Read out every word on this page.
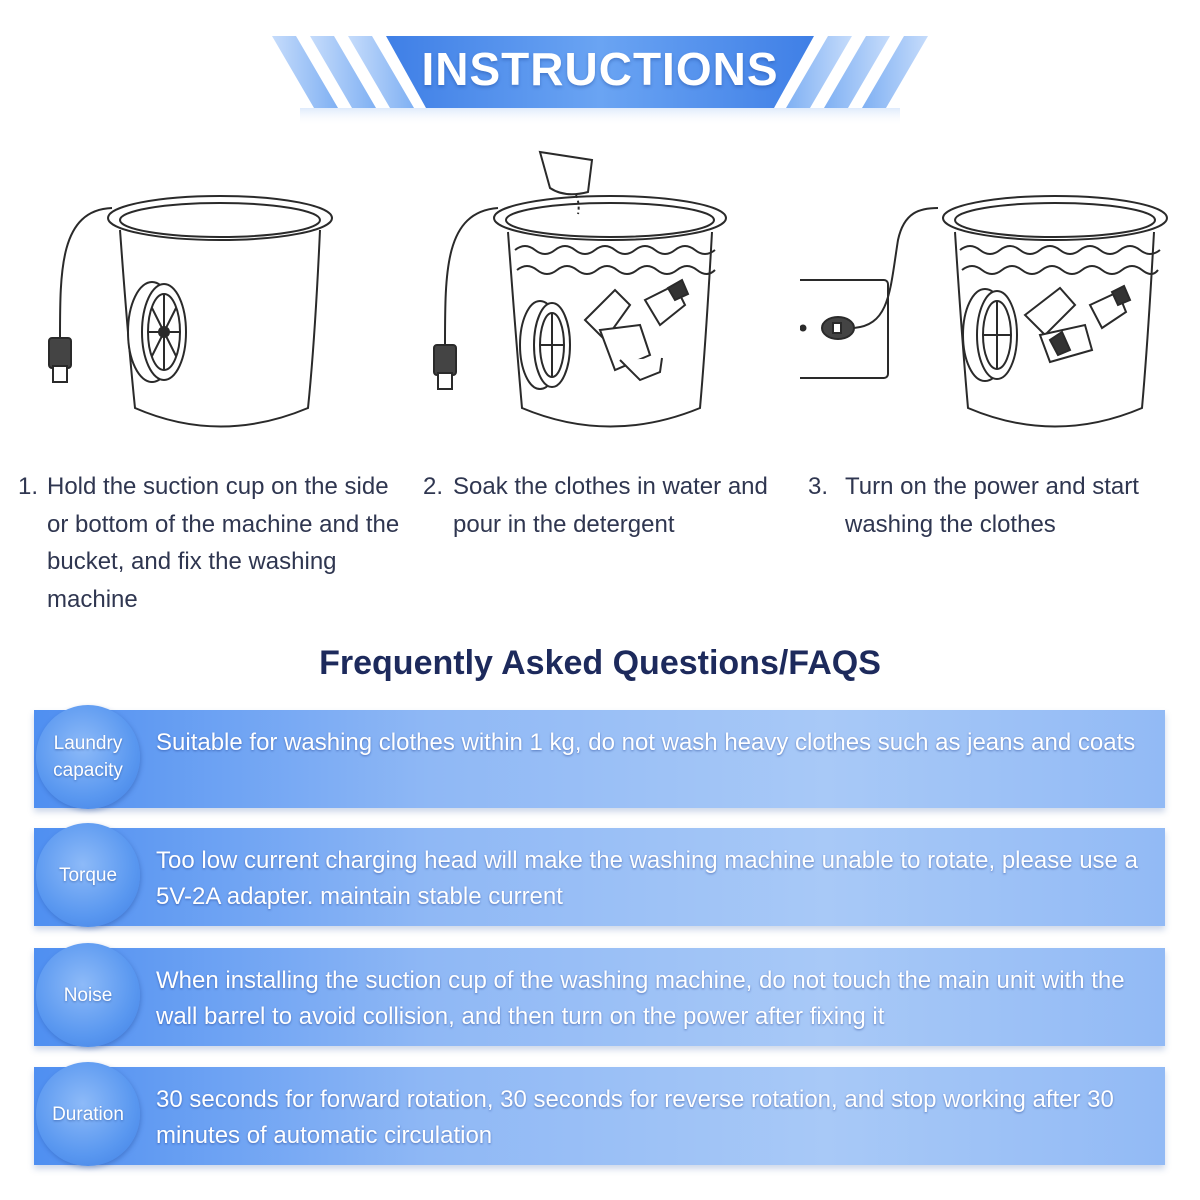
INSTRUCTIONS
1. Hold the suction cup on the side or bottom of the machine and the bucket, and fix the washing machine
2. Soak the clothes in water and pour in the detergent
3. Turn on the power and start washing the clothes
Frequently Asked Questions/FAQS
Laundry capacity
Suitable for washing clothes within 1 kg, do not wash heavy clothes such as jeans and coats
Torque
Too low current charging head will make the washing machine unable to rotate, please use a 5V-2A adapter. maintain stable current
Noise
When installing the suction cup of the washing machine, do not touch the main unit with the wall barrel to avoid collision, and then turn on the power after fixing it
Duration
30 seconds for forward rotation, 30 seconds for reverse rotation, and stop working after 30 minutes of automatic circulation
